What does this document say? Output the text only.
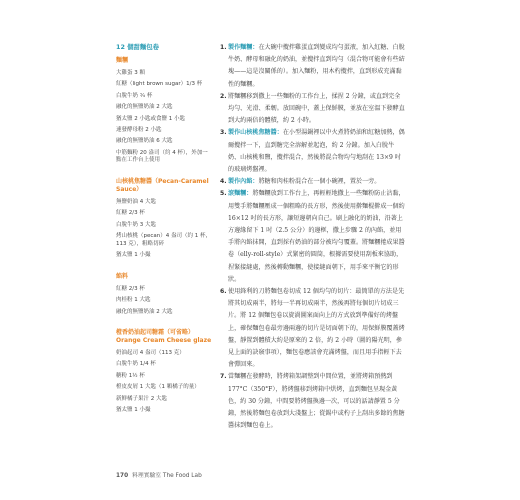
12 個甜麵包卷
麵糰
大雞蛋 3 顆
紅糖（light brown sugar）1/3 杯
白脫牛奶 ¾ 杯
融化的無鹽奶油 2 大匙
猶太鹽 2 小匙或食鹽 1 小匙
速發酵母粉 2 小匙
融化的無鹽奶油 6 大匙
中筋麵粉 20 盎司（約 4 杯），外加一點在工作台上使用
山核桃焦糖醬（Pecan-Caramel Sauce）
無鹽奶油 4 大匙
紅糖 2/3 杯
白脫牛奶 3 大匙
烤山核桃（pecan）4 盎司（約 1 杯，113 克），粗略切碎
猶太鹽 1 小撮
餡料
紅糖 2/3 杯
肉桂粉 1 大匙
融化的無鹽奶油 2 大匙
橙香奶油起司糖霜（可省略）Orange Cream Cheese glaze
奶油起司 4 盎司（113 克）
白脫牛奶 1/4 杯
糖粉 1½ 杯
橙皮皮屑 1 大匙（1 顆橘子的量）
新鮮橘子果汁 2 大匙
猶太鹽 1 小撮

1. 製作麵糰：在大碗中攪拌雞蛋直到變成均勻蛋液，加入紅糖、白脫牛奶、酵母和融化的奶油，並攪拌直到均勻（混合物可能會有些結塊——這是沒關係的）。加入麵粉，用木杓攪拌，直到形成充滿黏性的麵糰。

2. 將麵糰移到撒上一些麵粉的工作台上，揉捏 2 分鐘，或直到完全均勻、光滑、柔韌。放回碗中，蓋上保鮮膜，並放在室溫下發酵直到大約兩倍的體積，約 2 小時。

3. 製作山核桃焦糖醬：在小型湯鍋裡以中火煮將奶油和紅糖加熱，偶爾攪拌一下，直到糖完全溶解並起泡，約 2 分鐘。加入白脫牛奶、山核桃和鹽，攪拌混合，然後將混合物均勻地刮在 13×9 吋的玻璃烤盤裡。

4. 製作內餡：將糖和肉桂粉混合在一個小碗裡，置於一旁。

5. 滾麵糰：將麵糰放到工作台上，再輕輕地撒上一些麵粉防止沾黏，用雙手將麵糰壓成一個粗略的長方形，然後使用擀麵棍擀成一個約 16×12 吋的長方形，讓短邊朝向自己。刷上融化的奶油，沿著上方邊緣留下 1 吋（2.5 公分）的邊框，撒上步驟 2 的內餡，並用手將內餡抹開，直到採有奶油的部分被均勻覆蓋。將麵糰捲成果醬卷（elly-roll-style）式緊密的圓筒，根據需要使用刮板來協助，捏緊接縫處，然後轉動麵糰，使接縫面朝下，用手來平衡它的形狀。

6. 使用鋒利的刀將麵包卷切成 12 個均勻的切片：最簡單的方法是先將其切成兩半，將每一半再切成兩半，然後再將每個切片切成三片。將 12 個麵包卷以旋渦圖案面向上的方式放到準備好的烤盤上，確保麵包卷最旁邊兩邊的切片是切面朝下的，用保鮮膜覆蓋烤盤，靜置到體積大約是原來的 2 倍，約 2 小時（圖的陽光明，參見上面的訣竅事項），麵包卷應該會充滿烤盤，而且用手指輕下去會彈回來。

7. 當麵糰在發酵時，將烤箱架調整到中間位置，並將烤箱預熱到 177°C（350°F），將烤盤移到烤箱中烘烤，直到麵包呈現金黃色，約 30 分鐘，中間要將烤盤換邊一次，可以的話請靜置 5 分鐘，然後將麵包卷放到大淺盤上；從錫中或杓子上刮出多餘的焦糖醬抹到麵包卷上。

170 料理實驗室 The Food Lab
